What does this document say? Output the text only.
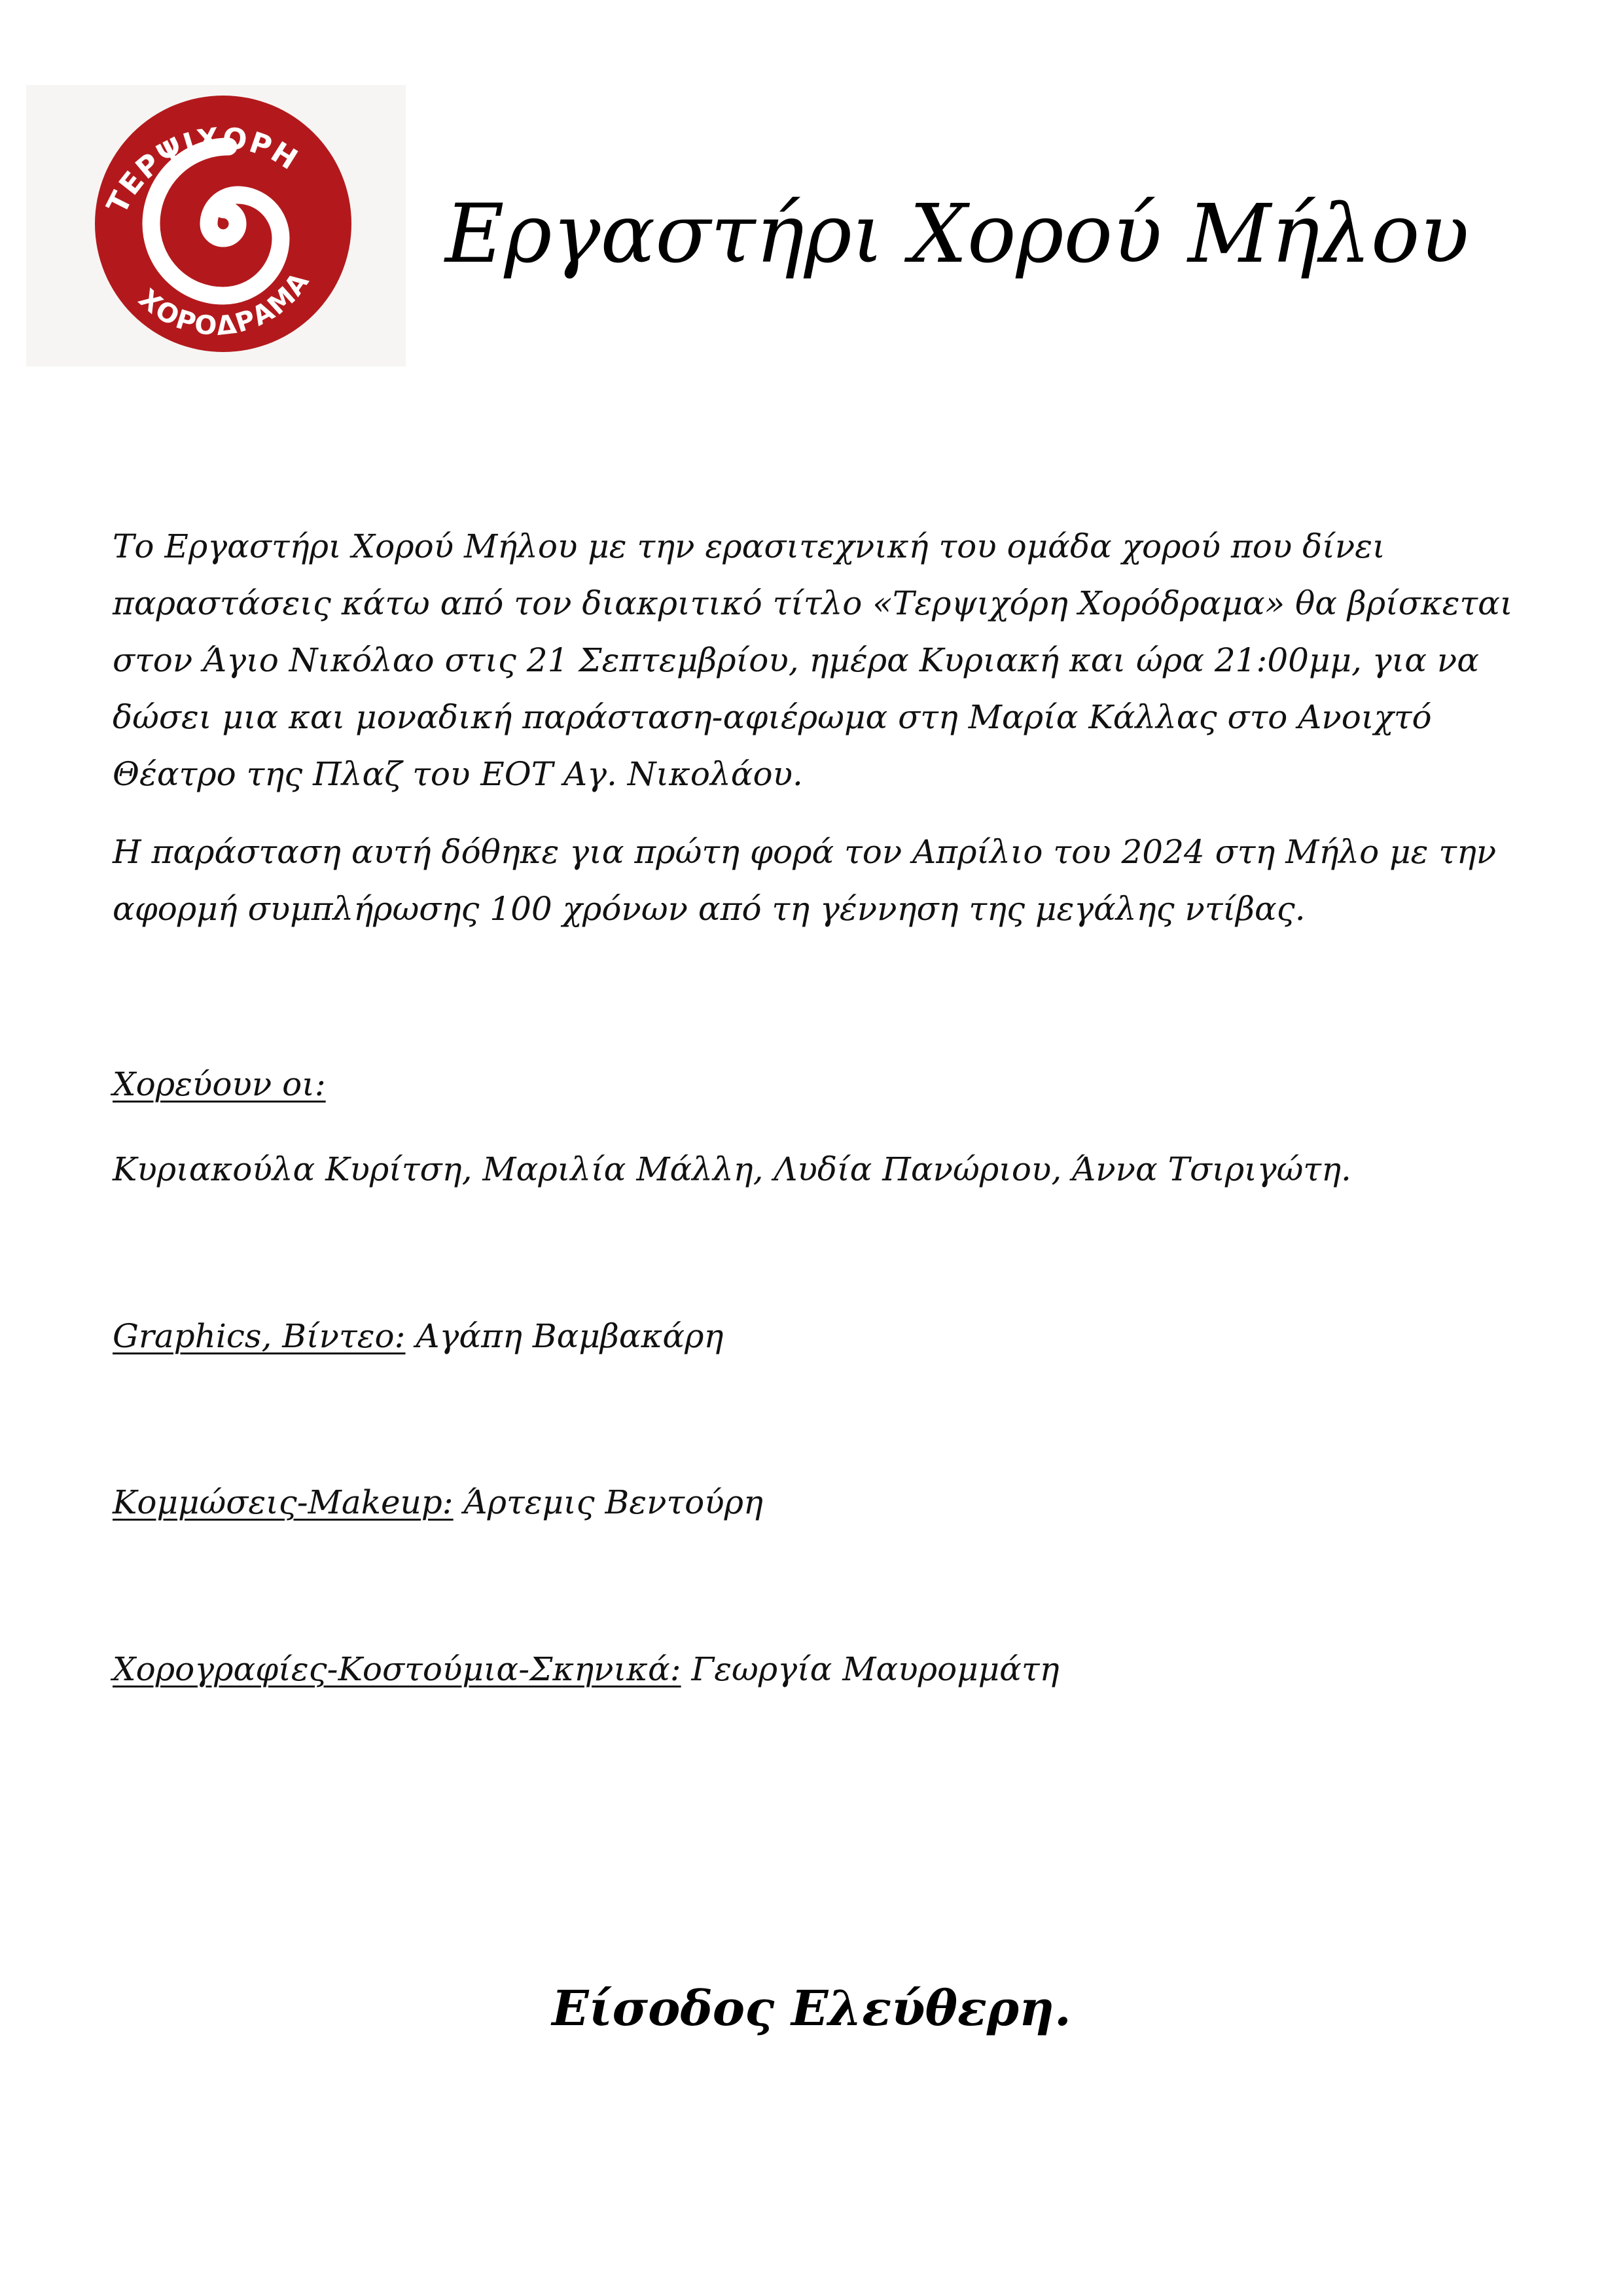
ΤΕΡΨΙΧΟΡΗ
ΧΟΡΟΔΡΑΜΑ
Εργαστήρι Χορού Μήλου

Το Εργαστήρι Χορού Μήλου με την ερασιτεχνική του ομάδα χορού που δίνει παραστάσεις κάτω από τον διακριτικό τίτλο «Τερψιχόρη Χορόδραμα» θα βρίσκεται στον Άγιο Νικόλαο στις 21 Σεπτεμβρίου, ημέρα Κυριακή και ώρα 21:00μμ, για να δώσει μια και μοναδική παράσταση-αφιέρωμα στη Μαρία Κάλλας στο Ανοιχτό Θέατρο της Πλαζ του ΕΟΤ Αγ. Νικολάου.

Η παράσταση αυτή δόθηκε για πρώτη φορά τον Απρίλιο του 2024 στη Μήλο με την αφορμή συμπλήρωσης 100 χρόνων από τη γέννηση της μεγάλης ντίβας.

Χορεύουν οι:
Κυριακούλα Κυρίτση, Μαριλία Μάλλη, Λυδία Πανώριου, Άννα Τσιριγώτη.
Graphics, Βίντεο: Αγάπη Βαμβακάρη
Κομμώσεις-Makeup: Άρτεμις Βεντούρη
Χορογραφίες-Κοστούμια-Σκηνικά: Γεωργία Μαυρομμάτη
Είσοδος Ελεύθερη.
